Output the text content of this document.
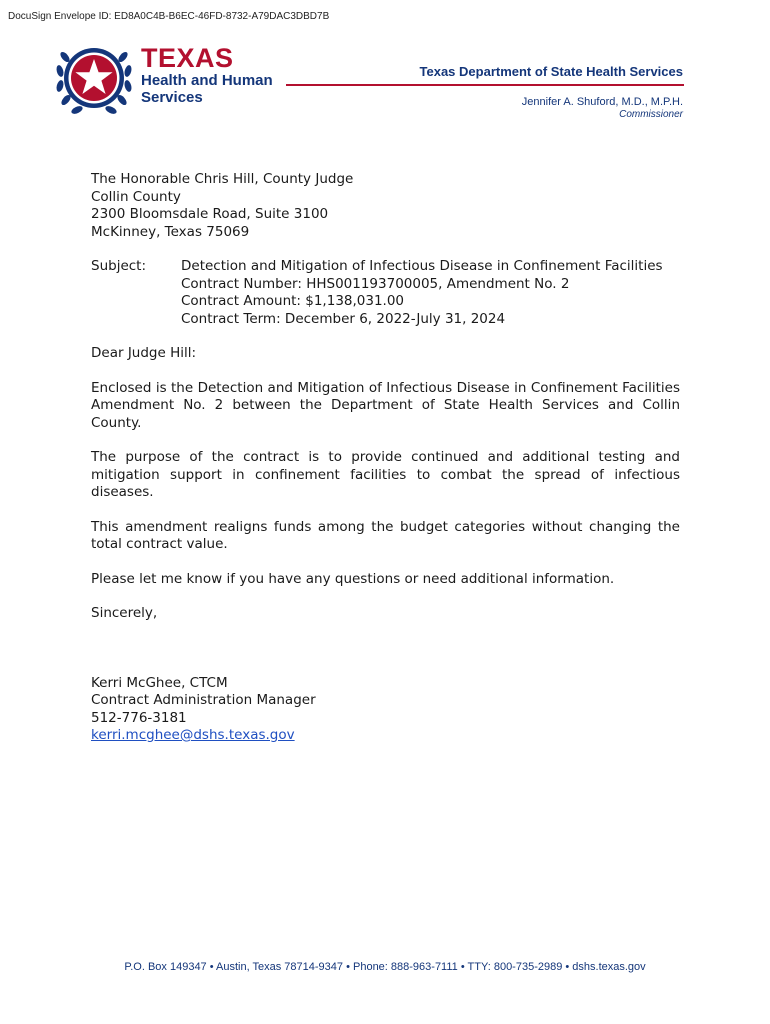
DocuSign Envelope ID: ED8A0C4B-B6EC-46FD-8732-A79DAC3DBD7B
TEXAS
Health and Human
Services
Texas Department of State Health Services
Jennifer A. Shuford, M.D., M.P.H.
Commissioner

The Honorable Chris Hill, County Judge
Collin County
2300 Bloomsdale Road, Suite 3100
McKinney, Texas 75069

Subject:	Detection and Mitigation of Infectious Disease in Confinement Facilities
Contract Number: HHS001193700005, Amendment No. 2
Contract Amount: $1,138,031.00
Contract Term: December 6, 2022-July 31, 2024

Dear Judge Hill:

Enclosed is the Detection and Mitigation of Infectious Disease in Confinement Facilities Amendment No. 2 between the Department of State Health Services and Collin County.

The purpose of the contract is to provide continued and additional testing and mitigation support in confinement facilities to combat the spread of infectious diseases.

This amendment realigns funds among the budget categories without changing the total contract value.

Please let me know if you have any questions or need additional information.

Sincerely,

Kerri McGhee, CTCM
Contract Administration Manager
512-776-3181
kerri.mcghee@dshs.texas.gov
P.O. Box 149347 • Austin, Texas 78714-9347 • Phone: 888-963-7111 • TTY: 800-735-2989 • dshs.texas.gov
